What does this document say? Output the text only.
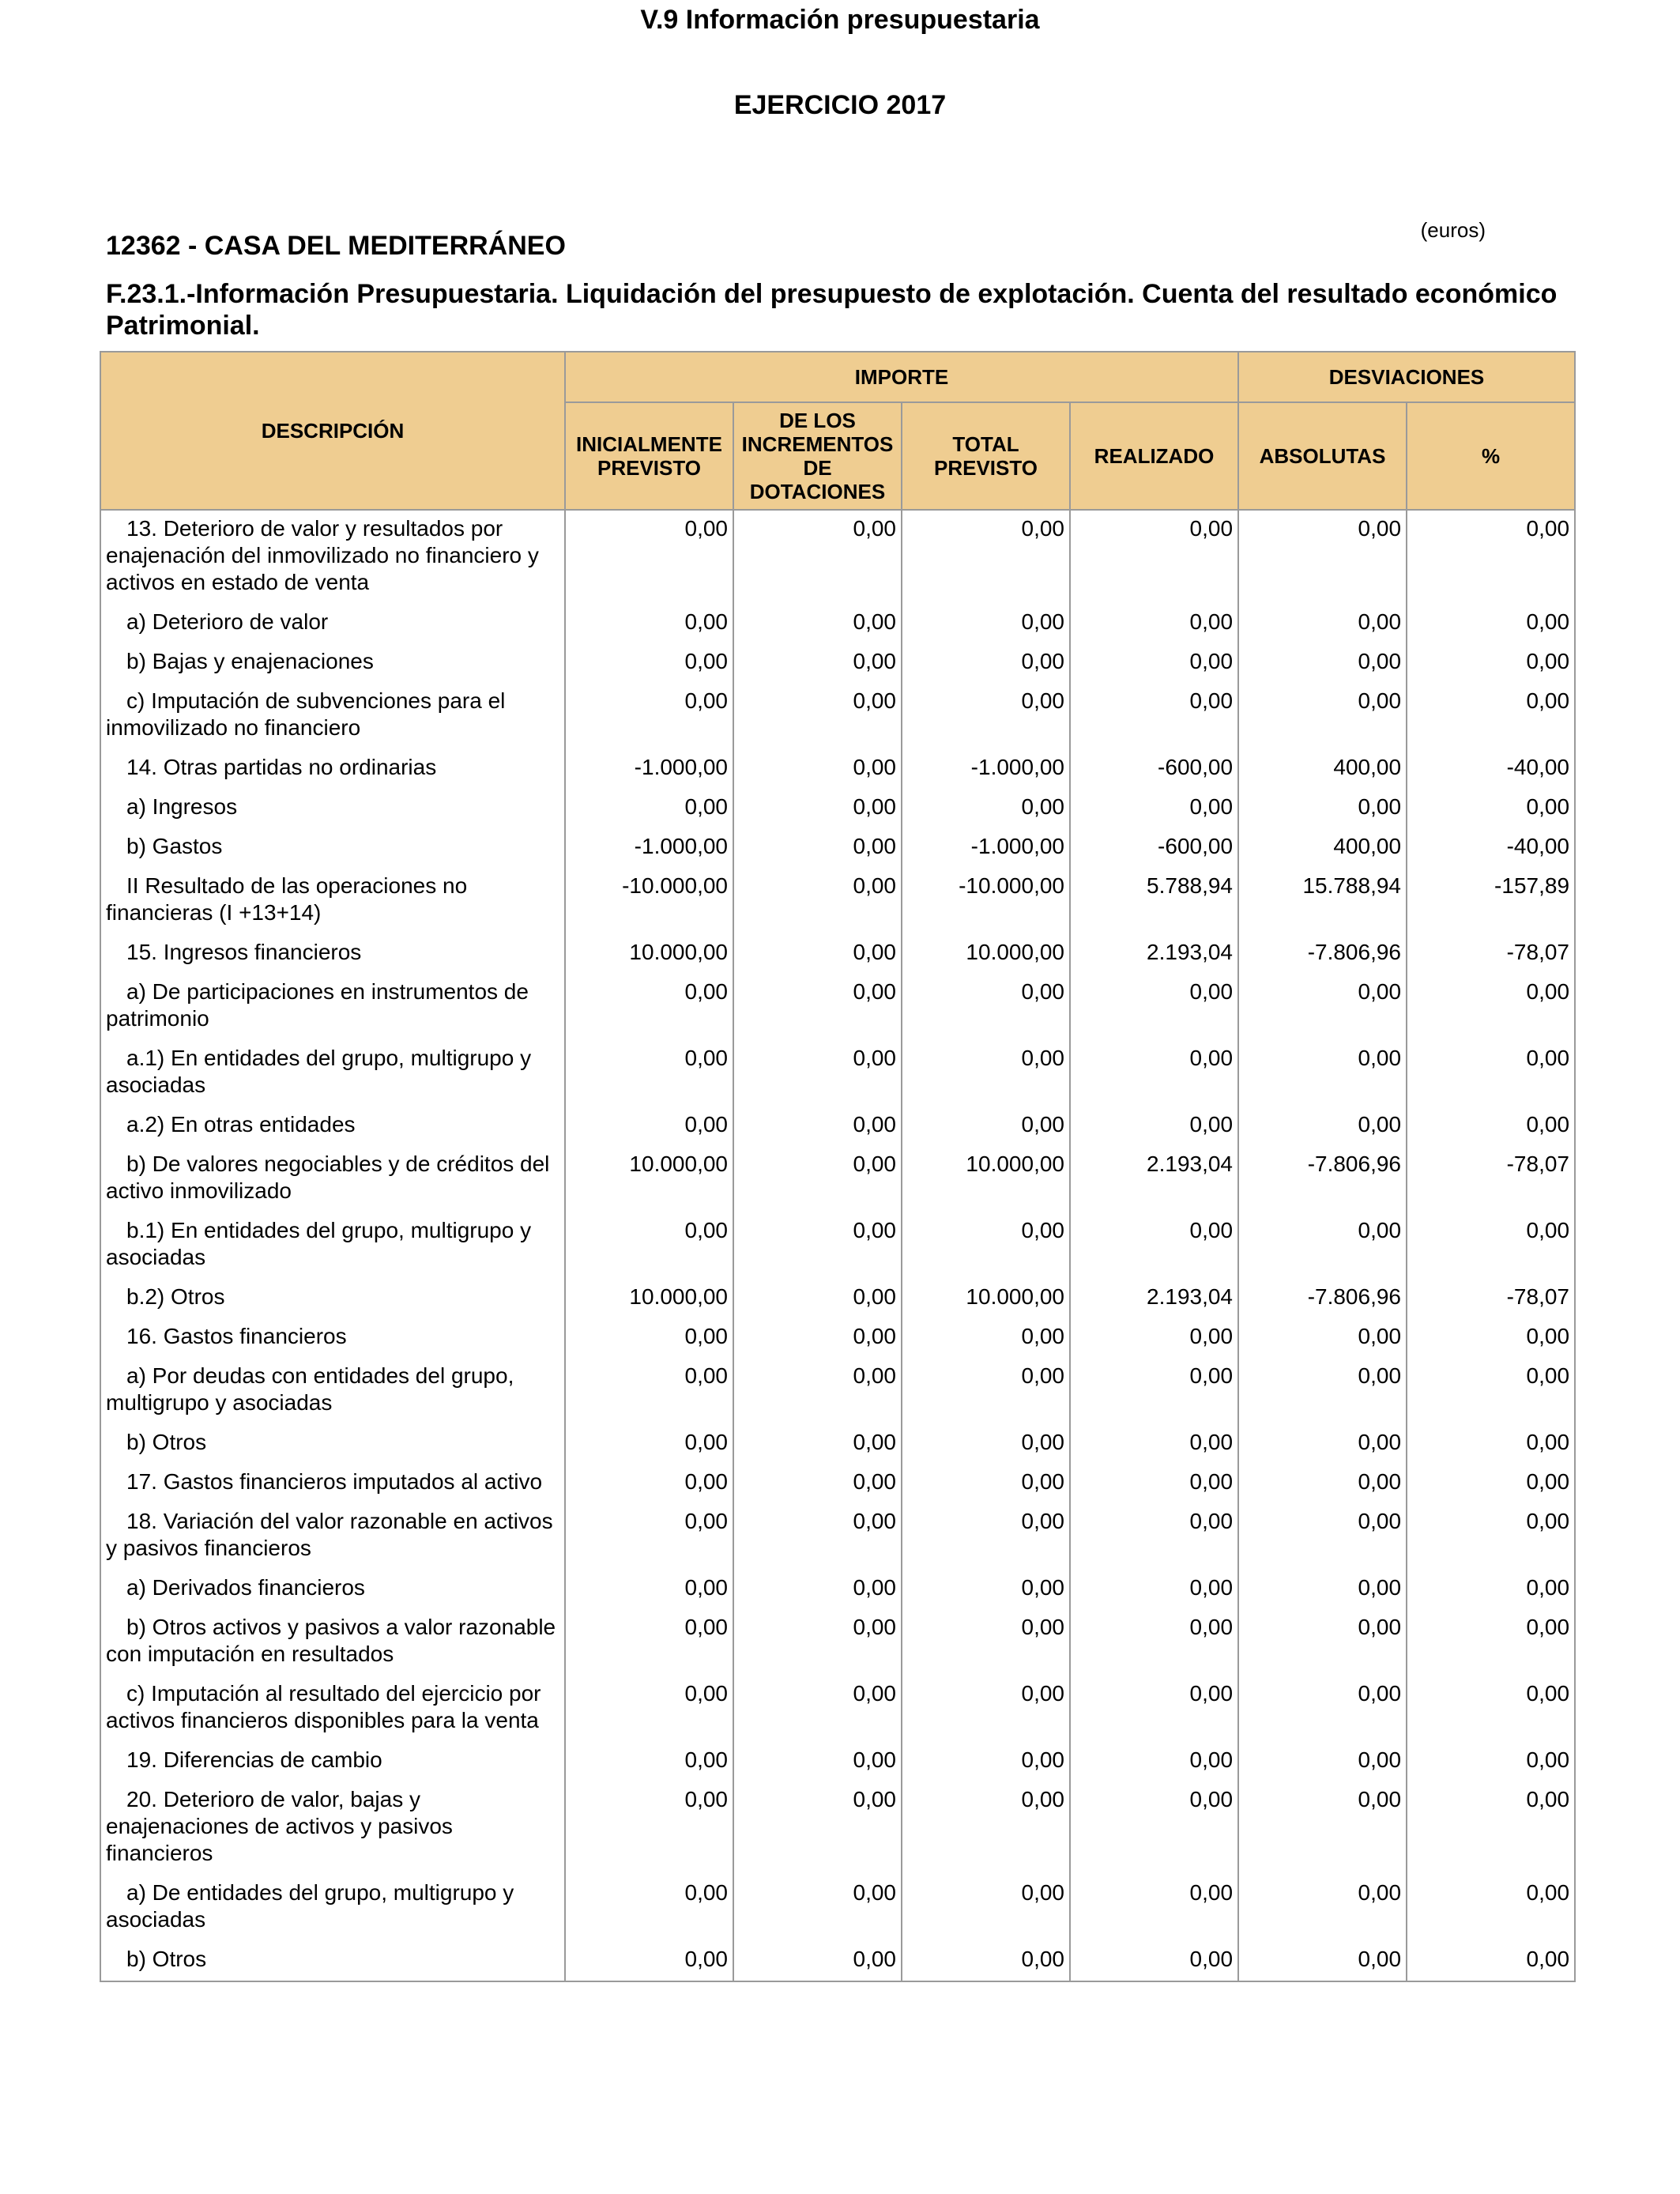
V.9 Información presupuestaria
EJERCICIO 2017
(euros)
12362 - CASA DEL MEDITERRÁNEO
F.23.1.-Información Presupuestaria. Liquidación del presupuesto de explotación. Cuenta del resultado económico Patrimonial.
DESCRIPCIÓN	IMPORTE				DESVIACIONES	
	INICIALMENTE PREVISTO	DE LOS INCREMENTOS DE DOTACIONES	TOTAL PREVISTO	REALIZADO	ABSOLUTAS	%
13. Deterioro de valor y resultados por enajenación del inmovilizado no financiero y activos en estado de venta	0,00	0,00	0,00	0,00	0,00	0,00
a) Deterioro de valor	0,00	0,00	0,00	0,00	0,00	0,00
b) Bajas y enajenaciones	0,00	0,00	0,00	0,00	0,00	0,00
c) Imputación de subvenciones para el inmovilizado no financiero	0,00	0,00	0,00	0,00	0,00	0,00
14. Otras partidas no ordinarias	-1.000,00	0,00	-1.000,00	-600,00	400,00	-40,00
a) Ingresos	0,00	0,00	0,00	0,00	0,00	0,00
b) Gastos	-1.000,00	0,00	-1.000,00	-600,00	400,00	-40,00
II Resultado de las operaciones no financieras (I +13+14)	-10.000,00	0,00	-10.000,00	5.788,94	15.788,94	-157,89
15. Ingresos financieros	10.000,00	0,00	10.000,00	2.193,04	-7.806,96	-78,07
a) De participaciones en instrumentos de patrimonio	0,00	0,00	0,00	0,00	0,00	0,00
a.1) En entidades del grupo, multigrupo y asociadas	0,00	0,00	0,00	0,00	0,00	0,00
a.2) En otras entidades	0,00	0,00	0,00	0,00	0,00	0,00
b) De valores negociables y de créditos del activo inmovilizado	10.000,00	0,00	10.000,00	2.193,04	-7.806,96	-78,07
b.1) En entidades del grupo, multigrupo y asociadas	0,00	0,00	0,00	0,00	0,00	0,00
b.2) Otros	10.000,00	0,00	10.000,00	2.193,04	-7.806,96	-78,07
16. Gastos financieros	0,00	0,00	0,00	0,00	0,00	0,00
a) Por deudas con entidades del grupo, multigrupo y asociadas	0,00	0,00	0,00	0,00	0,00	0,00
b) Otros	0,00	0,00	0,00	0,00	0,00	0,00
17. Gastos financieros imputados al activo	0,00	0,00	0,00	0,00	0,00	0,00
18. Variación del valor razonable en activos y pasivos financieros	0,00	0,00	0,00	0,00	0,00	0,00
a) Derivados financieros	0,00	0,00	0,00	0,00	0,00	0,00
b) Otros activos y pasivos a valor razonable con imputación en resultados	0,00	0,00	0,00	0,00	0,00	0,00
c) Imputación al resultado del ejercicio por activos financieros disponibles para la venta	0,00	0,00	0,00	0,00	0,00	0,00
19. Diferencias de cambio	0,00	0,00	0,00	0,00	0,00	0,00
20. Deterioro de valor, bajas y enajenaciones de activos y pasivos financieros	0,00	0,00	0,00	0,00	0,00	0,00
a) De entidades del grupo, multigrupo y asociadas	0,00	0,00	0,00	0,00	0,00	0,00
b) Otros	0,00	0,00	0,00	0,00	0,00	0,00
